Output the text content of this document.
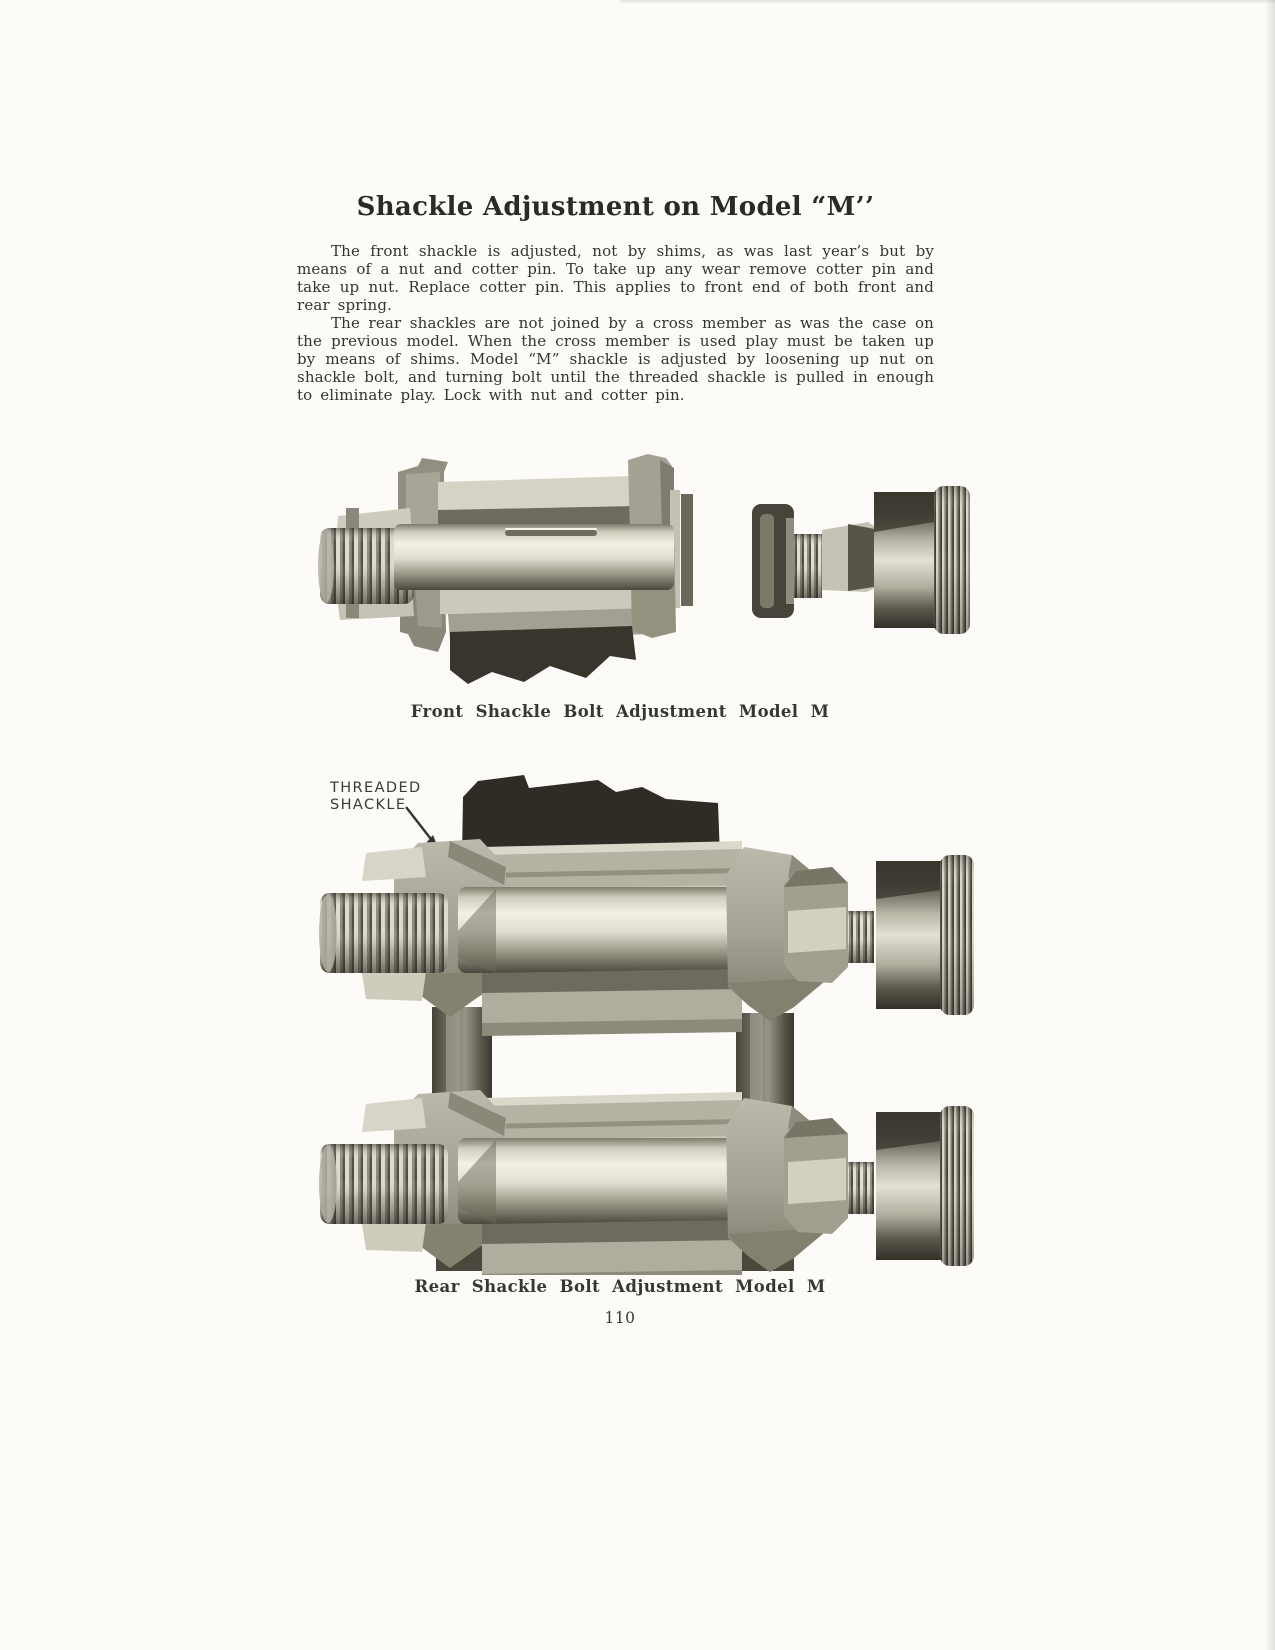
Shackle Adjustment on Model “M’’

The front shackle is adjusted, not by shims, as was last year’s but by means of a nut and cotter pin. To take up any wear remove cotter pin and take up nut. Replace cotter pin. This applies to front end of both front and rear spring.

The rear shackles are not joined by a cross member as was the case on the previous model. When the cross member is used play must be taken up by means of shims. Model “M” shackle is adjusted by loosening up nut on shackle bolt, and turning bolt until the threaded shackle is pulled in enough to eliminate play. Lock with nut and cotter pin.

Front Shackle Bolt Adjustment Model M
THREADED
SHACKLE
Rear Shackle Bolt Adjustment Model M
110
